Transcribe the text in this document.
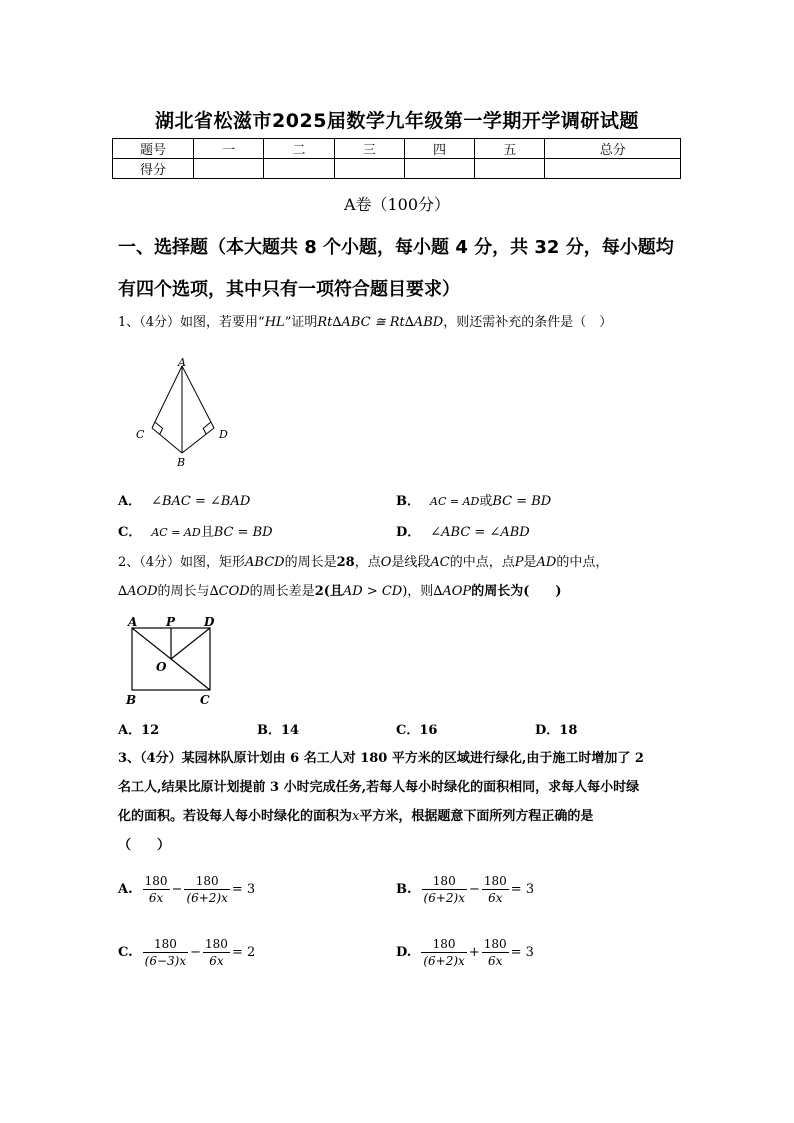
湖北省松滋市2025届数学九年级第一学期开学调研试题
题号	一	二	三	四	五	总分
得分						
A卷（100分）
一、选择题（本大题共 8 个小题，每小题 4 分，共 32 分，每小题均
有四个选项，其中只有一项符合题目要求）
1、（4分）如图，若要用“HL”证明Rt∆ABC ≅ Rt∆ABD，则还需补充的条件是（　）
A
C	D
B
A． ∠BAC = ∠BAD	B． AC = AD或BC = BD
C． AC = AD且BC = BD	D． ∠ABC = ∠ABD
2、（4分）如图，矩形ABCD的周长是28，点O是线段AC的中点，点P是AD的中点，
∆AOD的周长与∆COD的周长差是2(且AD > CD)，则∆AOP的周长为(　　)
A P D
O
B	C
A．12	B．14	C．16	D．18
3、（4分）某园林队原计划由 6 名工人对 180 平方米的区域进行绿化,由于施工时增加了 2
名工人,结果比原计划提前 3 小时完成任务,若每人每小时绿化的面积相同，求每人每小时绿
化的面积。若设每人每小时绿化的面积为x平方米，根据题意下面所列方程正确的是
（　　）
A. $\frac{180}{6x} - \frac{180}{(6+2)x} = 3$	B. $\frac{180}{(6+2)x} - \frac{180}{6x} = 3$
C. $\frac{180}{(6-3)x} - \frac{180}{6x} = 2$	D. $\frac{180}{(6+2)x} + \frac{180}{6x} = 3$
